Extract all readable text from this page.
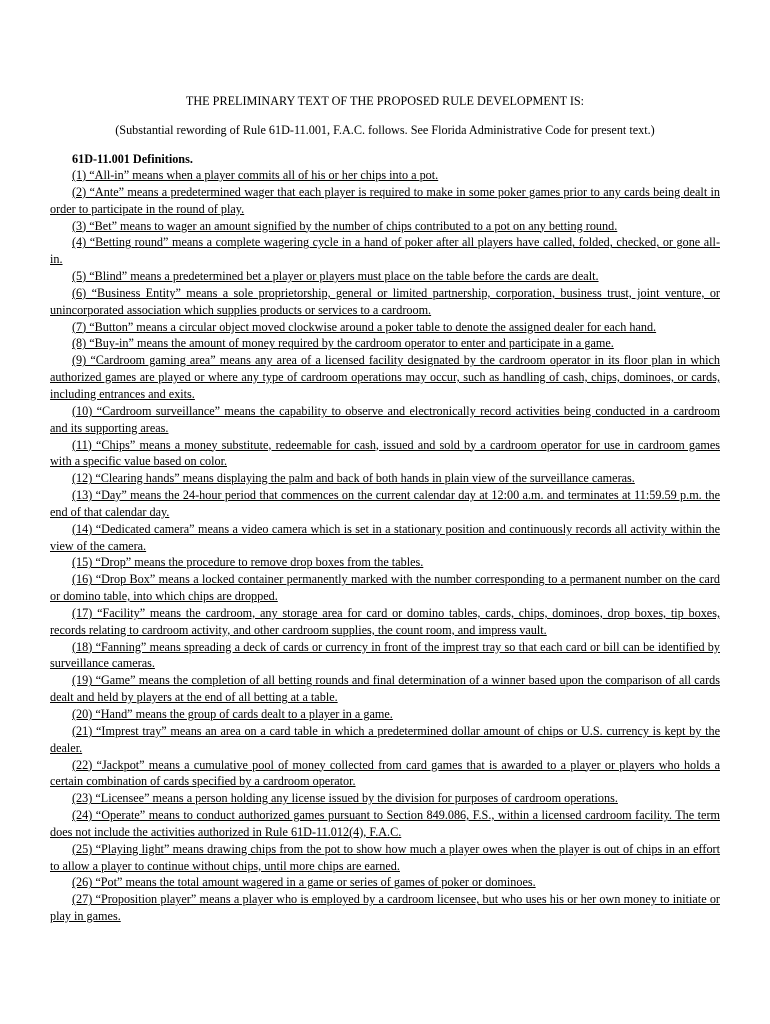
THE PRELIMINARY TEXT OF THE PROPOSED RULE DEVELOPMENT IS:

(Substantial rewording of Rule 61D-11.001, F.A.C. follows. See Florida Administrative Code for present text.)

61D-11.001 Definitions.

(1) “All-in” means when a player commits all of his or her chips into a pot.

(2) “Ante” means a predetermined wager that each player is required to make in some poker games prior to any cards being dealt in order to participate in the round of play.

(3) “Bet” means to wager an amount signified by the number of chips contributed to a pot on any betting round.

(4) “Betting round” means a complete wagering cycle in a hand of poker after all players have called, folded, checked, or gone all-in.

(5) “Blind” means a predetermined bet a player or players must place on the table before the cards are dealt.

(6) “Business Entity” means a sole proprietorship, general or limited partnership, corporation, business trust, joint venture, or unincorporated association which supplies products or services to a cardroom.

(7) “Button” means a circular object moved clockwise around a poker table to denote the assigned dealer for each hand.

(8) “Buy-in” means the amount of money required by the cardroom operator to enter and participate in a game.

(9) “Cardroom gaming area” means any area of a licensed facility designated by the cardroom operator in its floor plan in which authorized games are played or where any type of cardroom operations may occur, such as handling of cash, chips, dominoes, or cards, including entrances and exits.

(10) “Cardroom surveillance” means the capability to observe and electronically record activities being conducted in a cardroom and its supporting areas.

(11) “Chips” means a money substitute, redeemable for cash, issued and sold by a cardroom operator for use in cardroom games with a specific value based on color.

(12) “Clearing hands” means displaying the palm and back of both hands in plain view of the surveillance cameras.

(13) “Day” means the 24-hour period that commences on the current calendar day at 12:00 a.m. and terminates at 11:59.59 p.m. the end of that calendar day.

(14) “Dedicated camera” means a video camera which is set in a stationary position and continuously records all activity within the view of the camera.

(15) “Drop” means the procedure to remove drop boxes from the tables.

(16) “Drop Box” means a locked container permanently marked with the number corresponding to a permanent number on the card or domino table, into which chips are dropped.

(17) “Facility” means the cardroom, any storage area for card or domino tables, cards, chips, dominoes, drop boxes, tip boxes, records relating to cardroom activity, and other cardroom supplies, the count room, and impress vault.

(18) “Fanning” means spreading a deck of cards or currency in front of the imprest tray so that each card or bill can be identified by surveillance cameras.

(19) “Game” means the completion of all betting rounds and final determination of a winner based upon the comparison of all cards dealt and held by players at the end of all betting at a table.

(20) “Hand” means the group of cards dealt to a player in a game.

(21) “Imprest tray” means an area on a card table in which a predetermined dollar amount of chips or U.S. currency is kept by the dealer.

(22) “Jackpot” means a cumulative pool of money collected from card games that is awarded to a player or players who holds a certain combination of cards specified by a cardroom operator.

(23) “Licensee” means a person holding any license issued by the division for purposes of cardroom operations.

(24) “Operate” means to conduct authorized games pursuant to Section 849.086, F.S., within a licensed cardroom facility. The term does not include the activities authorized in Rule 61D-11.012(4), F.A.C.

(25) “Playing light” means drawing chips from the pot to show how much a player owes when the player is out of chips in an effort to allow a player to continue without chips, until more chips are earned.

(26) “Pot” means the total amount wagered in a game or series of games of poker or dominoes.

(27) “Proposition player” means a player who is employed by a cardroom licensee, but who uses his or her own money to initiate or play in games.
